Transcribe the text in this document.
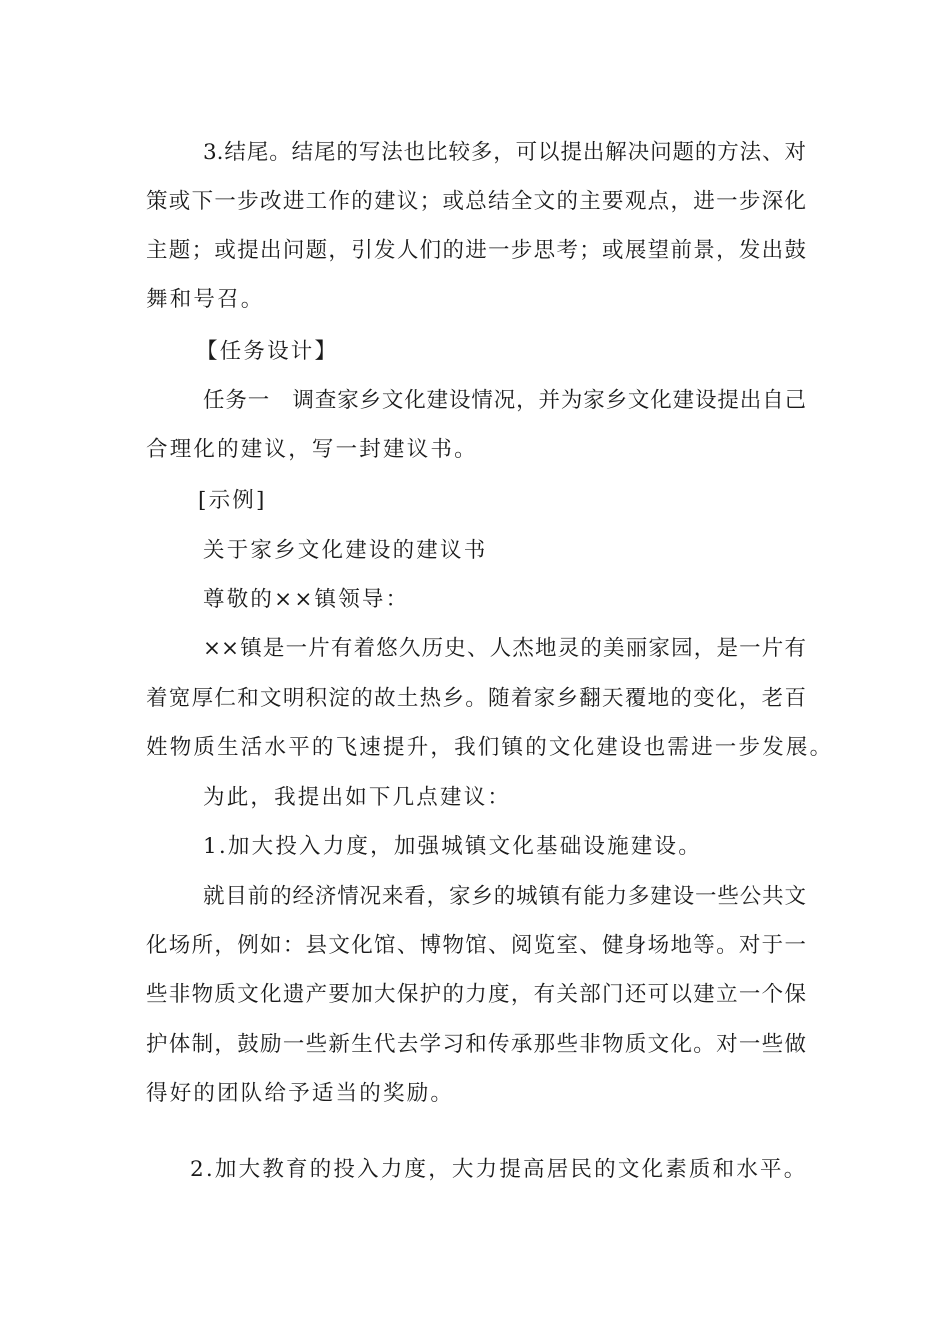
3.结尾。结尾的写法也比较多，可以提出解决问题的方法、对
策或下一步改进工作的建议；或总结全文的主要观点，进一步深化
主题；或提出问题，引发人们的进一步思考；或展望前景，发出鼓
舞和号召。
【任务设计】
任务一　调查家乡文化建设情况，并为家乡文化建设提出自己
合理化的建议，写一封建议书。
[示例]
关于家乡文化建设的建议书
尊敬的××镇领导：
××镇是一片有着悠久历史、人杰地灵的美丽家园，是一片有
着宽厚仁和文明积淀的故土热乡。随着家乡翻天覆地的变化，老百
姓物质生活水平的飞速提升，我们镇的文化建设也需进一步发展。
为此，我提出如下几点建议：
1.加大投入力度，加强城镇文化基础设施建设。
就目前的经济情况来看，家乡的城镇有能力多建设一些公共文
化场所，例如：县文化馆、博物馆、阅览室、健身场地等。对于一
些非物质文化遗产要加大保护的力度，有关部门还可以建立一个保
护体制，鼓励一些新生代去学习和传承那些非物质文化。对一些做
得好的团队给予适当的奖励。
2.加大教育的投入力度，大力提高居民的文化素质和水平。
